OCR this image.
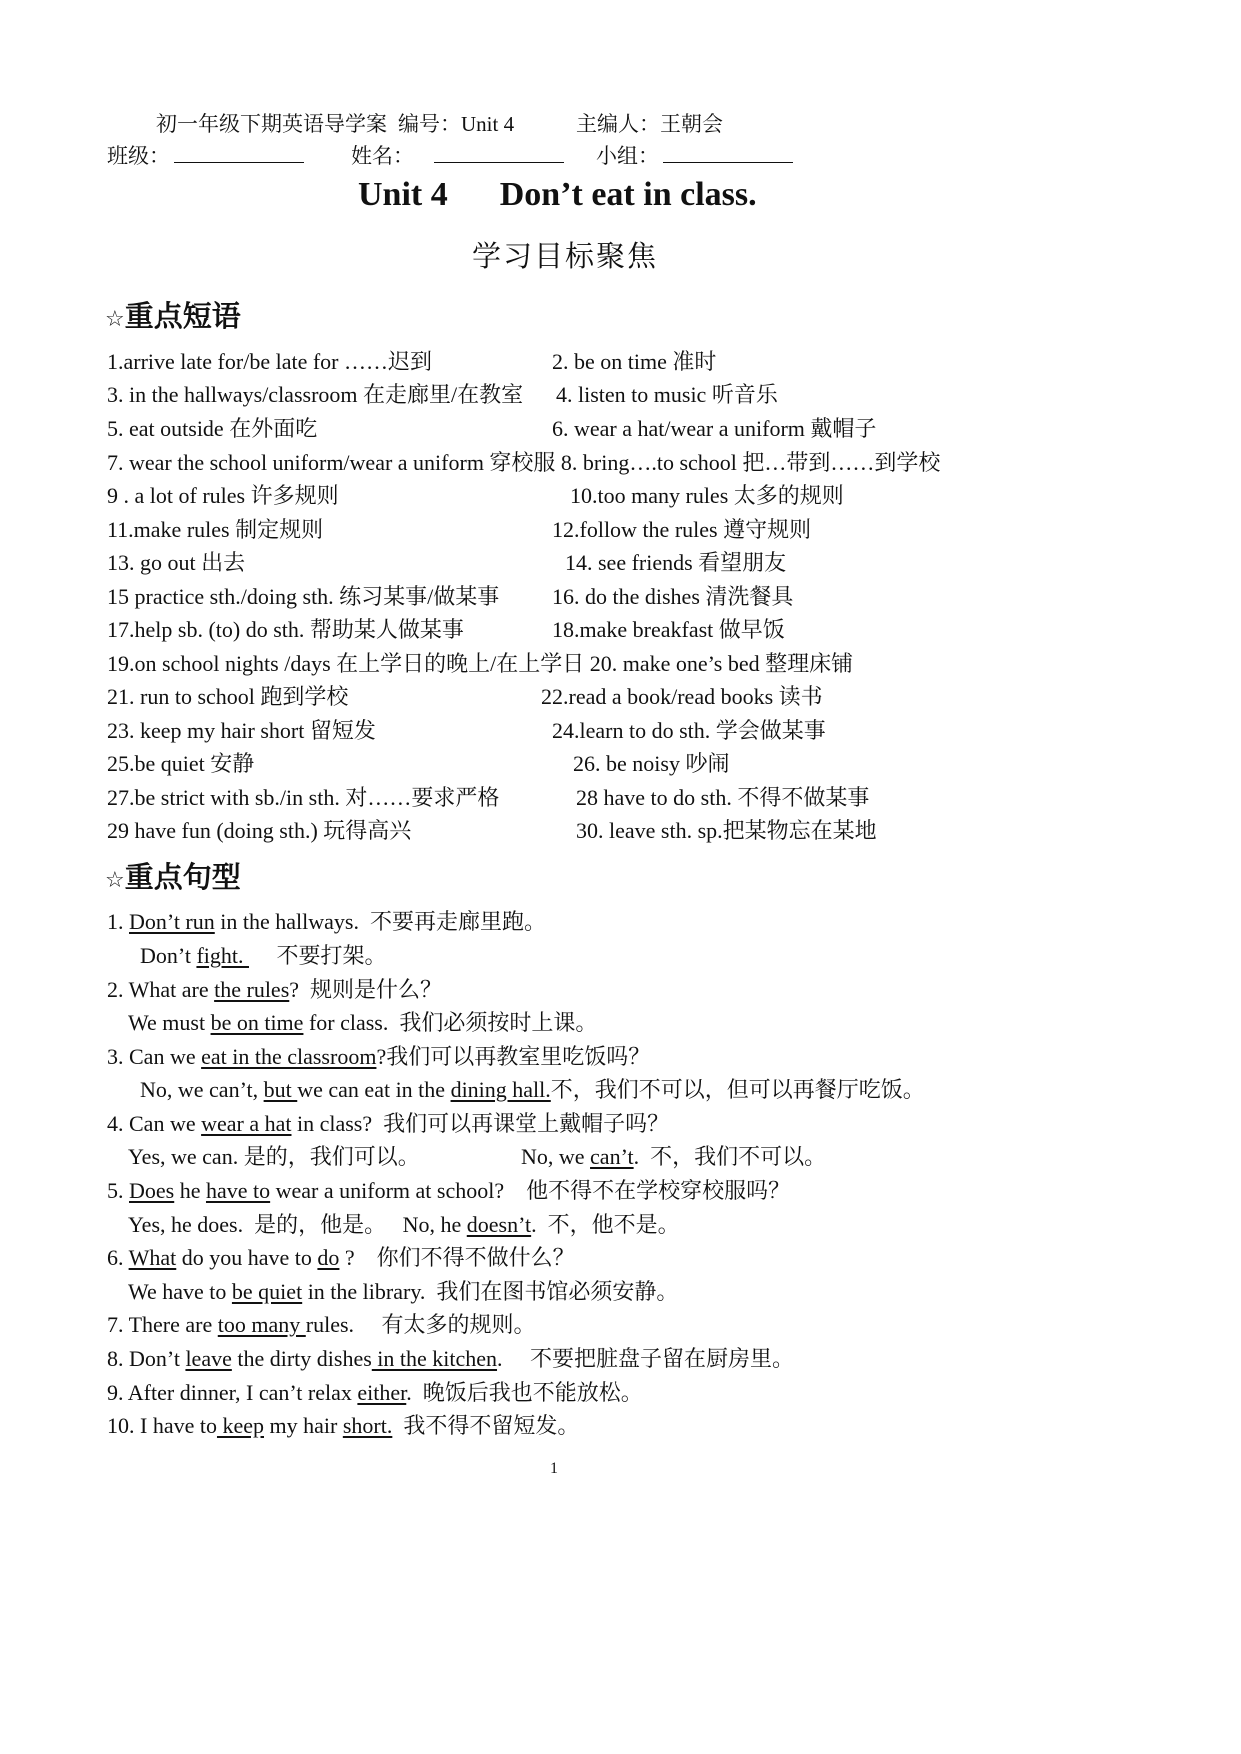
初一年级下期英语导学案 编号：Unit 4	主编人：王朝会
班级：	姓名：	小组：
Unit 4 Don’t eat in class.
学习目标聚焦
☆重点短语
1.arrive late for/be late for ……迟到	2. be on time 准时
3. in the hallways/classroom 在走廊里/在教室 4. listen to music 听音乐
5. eat outside 在外面吃	6. wear a hat/wear a uniform 戴帽子
7. wear the school uniform/wear a uniform 穿校服 8. bring….to school 把…带到……到学校
9 . a lot of rules 许多规则	10.too many rules 太多的规则
11.make rules 制定规则	12.follow the rules 遵守规则
13. go out 出去	14. see friends 看望朋友
15 practice sth./doing sth. 练习某事/做某事 16. do the dishes 清洗餐具
17.help sb. (to) do sth. 帮助某人做某事	18.make breakfast 做早饭
19.on school nights /days 在上学日的晚上/在上学日 20. make one’s bed 整理床铺
21. run to school 跑到学校	22.read a book/read books 读书
23. keep my hair short 留短发	24.learn to do sth. 学会做某事
25.be quiet 安静	26. be noisy 吵闹
27.be strict with sb./in sth. 对……要求严格	28 have to do sth. 不得不做某事
29 have fun (doing sth.) 玩得高兴	30. leave sth. sp.把某物忘在某地
☆重点句型
1. Don’t run in the hallways.  不要再走廊里跑。
Don’t fight.      不要打架。
2. What are the rules?  规则是什么？
We must be on time for class.  我们必须按时上课。
3. Can we eat in the classroom?我们可以再教室里吃饭吗？
No, we can’t, but we can eat in the dining hall.不，我们不可以，但可以再餐厅吃饭。
4. Can we wear a hat in class?  我们可以再课堂上戴帽子吗？
Yes, we can. 是的，我们可以。	No, we can’t.  不，我们不可以。
5. Does he have to wear a uniform at school?    他不得不在学校穿校服吗？
Yes, he does.  是的，他是。   No, he doesn’t.  不，他不是。
6. What do you have to do ?    你们不得不做什么？
We have to be quiet in the library.  我们在图书馆必须安静。
7. There are too many rules.     有太多的规则。
8. Don’t leave the dirty dishes in the kitchen.     不要把脏盘子留在厨房里。
9. After dinner, I can’t relax either.  晚饭后我也不能放松。
10. I have to keep my hair short.  我不得不留短发。
1
